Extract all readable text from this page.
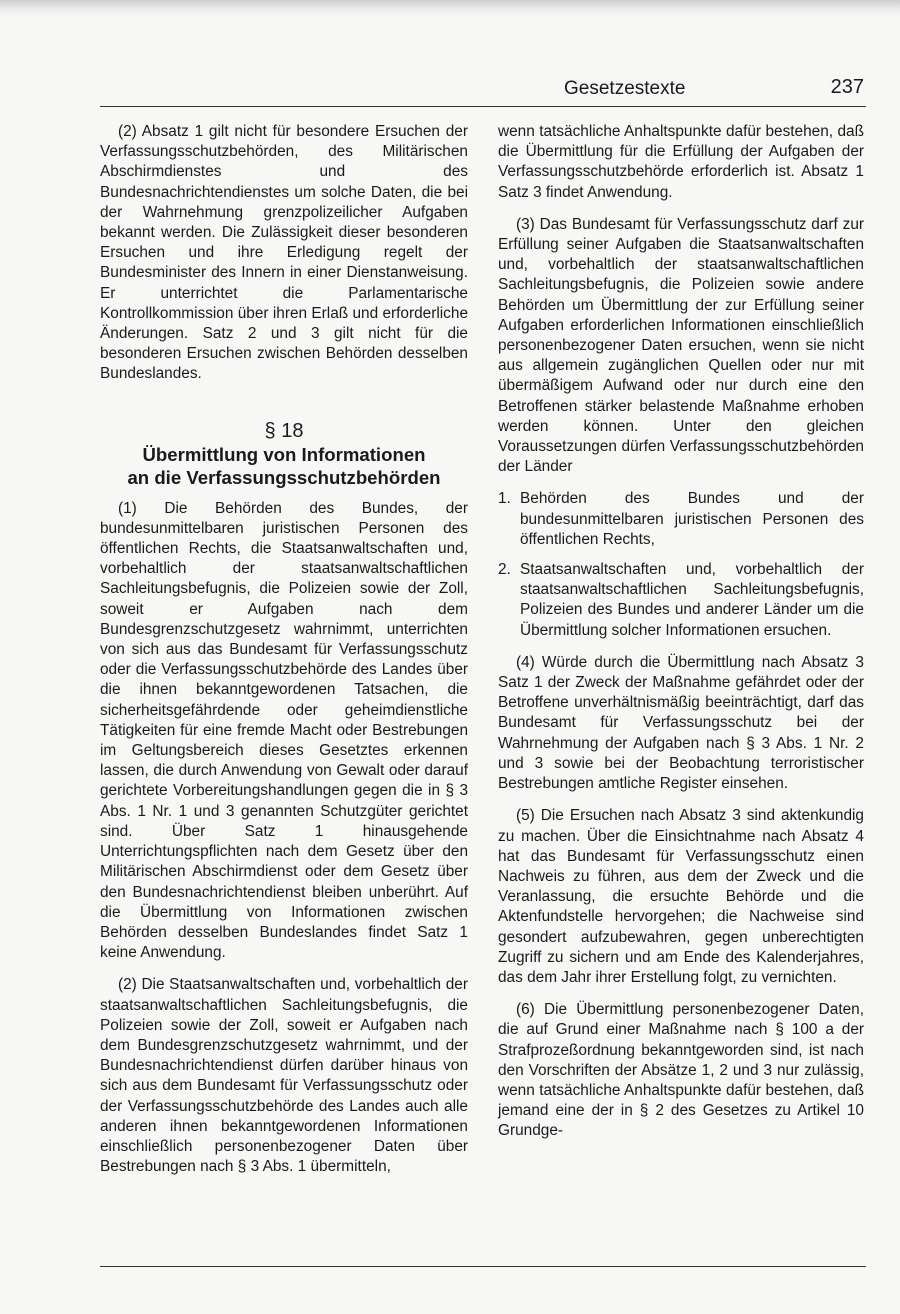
Gesetzestexte	237

(2) Absatz 1 gilt nicht für besondere Ersuchen der Verfassungsschutzbehörden, des Militärischen Abschirmdienstes und des Bundesnachrichtendienstes um solche Daten, die bei der Wahrnehmung grenzpolizeilicher Aufgaben bekannt werden. Die Zulässigkeit dieser besonderen Ersuchen und ihre Erledigung regelt der Bundesminister des Innern in einer Dienstanweisung. Er unterrichtet die Parlamentarische Kontrollkommission über ihren Erlaß und erforderliche Änderungen. Satz 2 und 3 gilt nicht für die besonderen Ersuchen zwischen Behörden desselben Bundeslandes.

§ 18
Übermittlung von Informationen
an die Verfassungsschutzbehörden

(1) Die Behörden des Bundes, der bundesunmittelbaren juristischen Personen des öffentlichen Rechts, die Staatsanwaltschaften und, vorbehaltlich der staatsanwaltschaftlichen Sachleitungsbefugnis, die Polizeien sowie der Zoll, soweit er Aufgaben nach dem Bundesgrenzschutzgesetz wahrnimmt, unterrichten von sich aus das Bundesamt für Verfassungsschutz oder die Verfassungsschutzbehörde des Landes über die ihnen bekanntgewordenen Tatsachen, die sicherheitsgefährdende oder geheimdienstliche Tätigkeiten für eine fremde Macht oder Bestrebungen im Geltungsbereich dieses Gesetztes erkennen lassen, die durch Anwendung von Gewalt oder darauf gerichtete Vorbereitungshandlungen gegen die in § 3 Abs. 1 Nr. 1 und 3 genannten Schutzgüter gerichtet sind. Über Satz 1 hinausgehende Unterrichtungspflichten nach dem Gesetz über den Militärischen Abschirmdienst oder dem Gesetz über den Bundesnachrichtendienst bleiben unberührt. Auf die Übermittlung von Informationen zwischen Behörden desselben Bundeslandes findet Satz 1 keine Anwendung.

(2) Die Staatsanwaltschaften und, vorbehaltlich der staatsanwaltschaftlichen Sachleitungsbefugnis, die Polizeien sowie der Zoll, soweit er Aufgaben nach dem Bundesgrenzschutzgesetz wahrnimmt, und der Bundesnachrichtendienst dürfen darüber hinaus von sich aus dem Bundesamt für Verfassungsschutz oder der Verfassungsschutzbehörde des Landes auch alle anderen ihnen bekanntgewordenen Informationen einschließlich personenbezogener Daten über Bestrebungen nach § 3 Abs. 1 übermitteln,

wenn tatsächliche Anhaltspunkte dafür bestehen, daß die Übermittlung für die Erfüllung der Aufgaben der Verfassungsschutzbehörde erforderlich ist. Absatz 1 Satz 3 findet Anwendung.

(3) Das Bundesamt für Verfassungsschutz darf zur Erfüllung seiner Aufgaben die Staatsanwaltschaften und, vorbehaltlich der staatsanwaltschaftlichen Sachleitungsbefugnis, die Polizeien sowie andere Behörden um Übermittlung der zur Erfüllung seiner Aufgaben erforderlichen Informationen einschließlich personenbezogener Daten ersuchen, wenn sie nicht aus allgemein zugänglichen Quellen oder nur mit übermäßigem Aufwand oder nur durch eine den Betroffenen stärker belastende Maßnahme erhoben werden können. Unter den gleichen Voraussetzungen dürfen Verfassungsschutzbehörden der Länder

1. Behörden des Bundes und der bundesunmittelbaren juristischen Personen des öffentlichen Rechts,
2. Staatsanwaltschaften und, vorbehaltlich der staatsanwaltschaftlichen Sachleitungsbefugnis, Polizeien des Bundes und anderer Länder um die Übermittlung solcher Informationen ersuchen.

(4) Würde durch die Übermittlung nach Absatz 3 Satz 1 der Zweck der Maßnahme gefährdet oder der Betroffene unverhältnismäßig beeinträchtigt, darf das Bundesamt für Verfassungsschutz bei der Wahrnehmung der Aufgaben nach § 3 Abs. 1 Nr. 2 und 3 sowie bei der Beobachtung terroristischer Bestrebungen amtliche Register einsehen.

(5) Die Ersuchen nach Absatz 3 sind aktenkundig zu machen. Über die Einsichtnahme nach Absatz 4 hat das Bundesamt für Verfassungsschutz einen Nachweis zu führen, aus dem der Zweck und die Veranlassung, die ersuchte Behörde und die Aktenfundstelle hervorgehen; die Nachweise sind gesondert aufzubewahren, gegen unberechtigten Zugriff zu sichern und am Ende des Kalenderjahres, das dem Jahr ihrer Erstellung folgt, zu vernichten.

(6) Die Übermittlung personenbezogener Daten, die auf Grund einer Maßnahme nach § 100 a der Strafprozeßordnung bekanntgeworden sind, ist nach den Vorschriften der Absätze 1, 2 und 3 nur zulässig, wenn tatsächliche Anhaltspunkte dafür bestehen, daß jemand eine der in § 2 des Gesetzes zu Artikel 10 Grundge-
